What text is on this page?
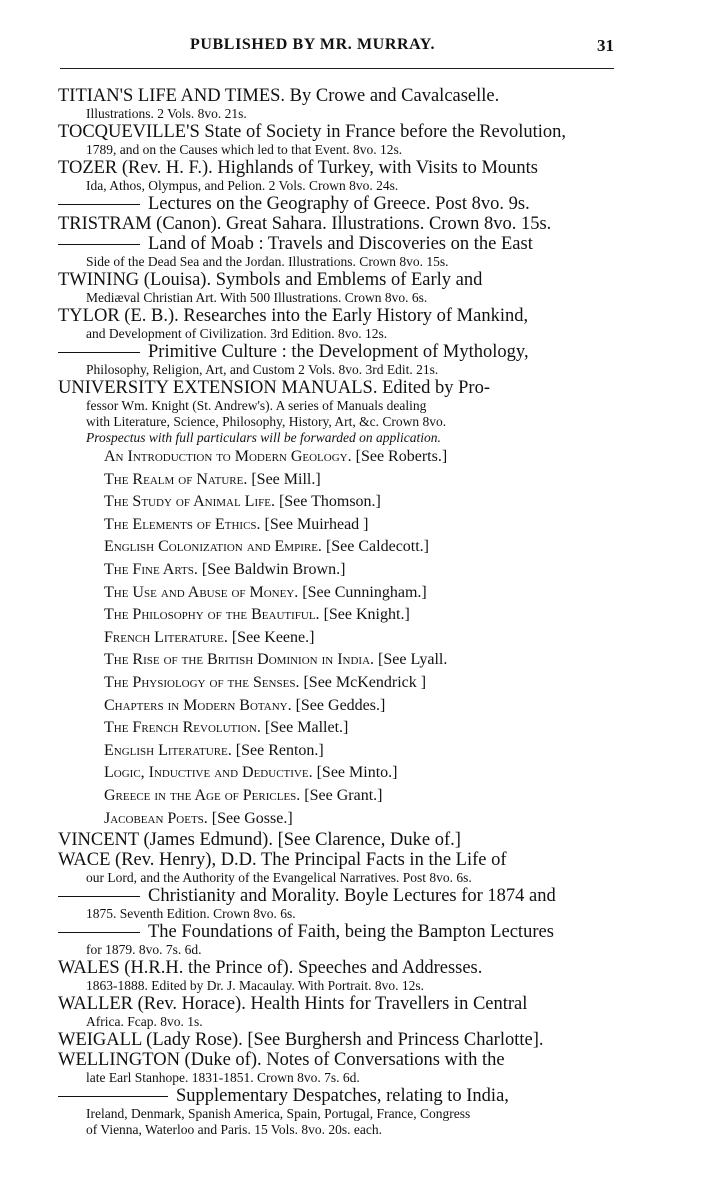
PUBLISHED BY MR. MURRAY.	31
TITIAN'S LIFE AND TIMES. By Crowe and Cavalcaselle.
Illustrations. 2 Vols. 8vo. 21s.
TOCQUEVILLE'S State of Society in France before the Revolution,
1789, and on the Causes which led to that Event. 8vo. 12s.
TOZER (Rev. H. F.). Highlands of Turkey, with Visits to Mounts
Ida, Athos, Olympus, and Pelion. 2 Vols. Crown 8vo. 24s.
Lectures on the Geography of Greece. Post 8vo. 9s.
TRISTRAM (Canon). Great Sahara. Illustrations. Crown 8vo. 15s.
Land of Moab : Travels and Discoveries on the East
Side of the Dead Sea and the Jordan. Illustrations. Crown 8vo. 15s.
TWINING (Louisa). Symbols and Emblems of Early and
Mediæval Christian Art. With 500 Illustrations. Crown 8vo. 6s.
TYLOR (E. B.). Researches into the Early History of Mankind,
and Development of Civilization. 3rd Edition. 8vo. 12s.
Primitive Culture : the Development of Mythology,
Philosophy, Religion, Art, and Custom 2 Vols. 8vo. 3rd Edit. 21s.
UNIVERSITY EXTENSION MANUALS. Edited by Pro-
fessor Wm. Knight (St. Andrew's). A series of Manuals dealing
with Literature, Science, Philosophy, History, Art, &c. Crown 8vo.
Prospectus with full particulars will be forwarded on application.
An Introduction to Modern Geology. [See Roberts.]
The Realm of Nature. [See Mill.]
The Study of Animal Life. [See Thomson.]
The Elements of Ethics. [See Muirhead ]
English Colonization and Empire. [See Caldecott.]
The Fine Arts. [See Baldwin Brown.]
The Use and Abuse of Money. [See Cunningham.]
The Philosophy of the Beautiful. [See Knight.]
French Literature. [See Keene.]
The Rise of the British Dominion in India. [See Lyall.
The Physiology of the Senses. [See McKendrick ]
Chapters in Modern Botany. [See Geddes.]
The French Revolution. [See Mallet.]
English Literature. [See Renton.]
Logic, Inductive and Deductive. [See Minto.]
Greece in the Age of Pericles. [See Grant.]
Jacobean Poets. [See Gosse.]
VINCENT (James Edmund). [See Clarence, Duke of.]
WACE (Rev. Henry), D.D. The Principal Facts in the Life of
our Lord, and the Authority of the Evangelical Narratives. Post 8vo. 6s.
Christianity and Morality. Boyle Lectures for 1874 and
1875. Seventh Edition. Crown 8vo. 6s.
The Foundations of Faith, being the Bampton Lectures
for 1879. 8vo. 7s. 6d.
WALES (H.R.H. the Prince of). Speeches and Addresses.
1863-1888. Edited by Dr. J. Macaulay. With Portrait. 8vo. 12s.
WALLER (Rev. Horace). Health Hints for Travellers in Central
Africa. Fcap. 8vo. 1s.
WEIGALL (Lady Rose). [See Burghersh and Princess Charlotte].
WELLINGTON (Duke of). Notes of Conversations with the
late Earl Stanhope. 1831-1851. Crown 8vo. 7s. 6d.
Supplementary Despatches, relating to India,
Ireland, Denmark, Spanish America, Spain, Portugal, France, Congress
of Vienna, Waterloo and Paris. 15 Vols. 8vo. 20s. each.
